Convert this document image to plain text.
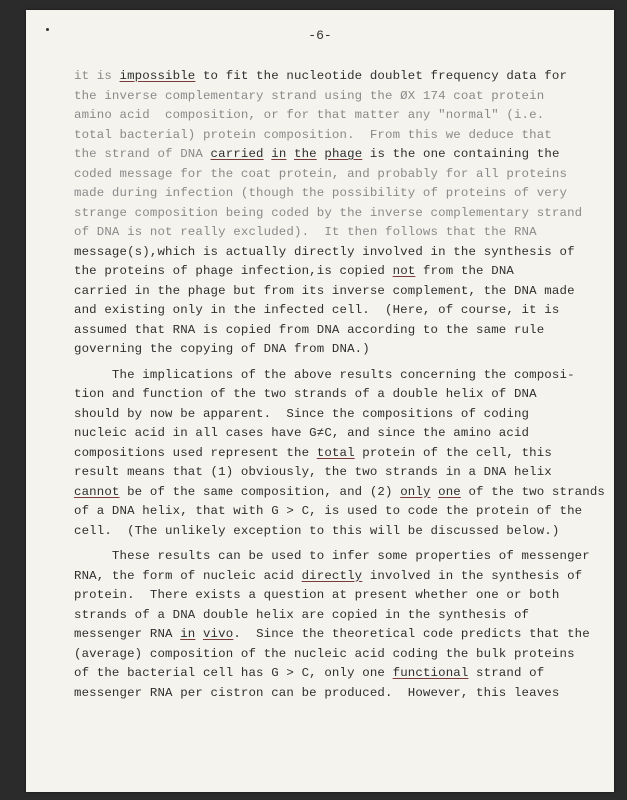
-6-
it is impossible to fit the nucleotide doublet frequency data for
the inverse complementary strand using the ØX 174 coat protein
amino acid  composition, or for that matter any "normal" (i.e.
total bacterial) protein composition.  From this we deduce that
the strand of DNA carried in the phage is the one containing the
coded message for the coat protein, and probably for all proteins
made during infection (though the possibility of proteins of very
strange composition being coded by the inverse complementary strand
of DNA is not really excluded).  It then follows that the RNA
message(s),which is actually directly involved in the synthesis of
the proteins of phage infection,is copied not from the DNA
carried in the phage but from its inverse complement, the DNA made
and existing only in the infected cell.  (Here, of course, it is
assumed that RNA is copied from DNA according to the same rule
governing the copying of DNA from DNA.)
The implications of the above results concerning the composi-
tion and function of the two strands of a double helix of DNA
should by now be apparent.  Since the compositions of coding
nucleic acid in all cases have G≠C, and since the amino acid
compositions used represent the total protein of the cell, this
result means that (1) obviously, the two strands in a DNA helix
cannot be of the same composition, and (2) only one of the two strands
of a DNA helix, that with G > C, is used to code the protein of the
cell.  (The unlikely exception to this will be discussed below.)
These results can be used to infer some properties of messenger
RNA, the form of nucleic acid directly involved in the synthesis of
protein.  There exists a question at present whether one or both
strands of a DNA double helix are copied in the synthesis of
messenger RNA in vivo.  Since the theoretical code predicts that the
(average) composition of the nucleic acid coding the bulk proteins
of the bacterial cell has G > C, only one functional strand of
messenger RNA per cistron can be produced.  However, this leaves
